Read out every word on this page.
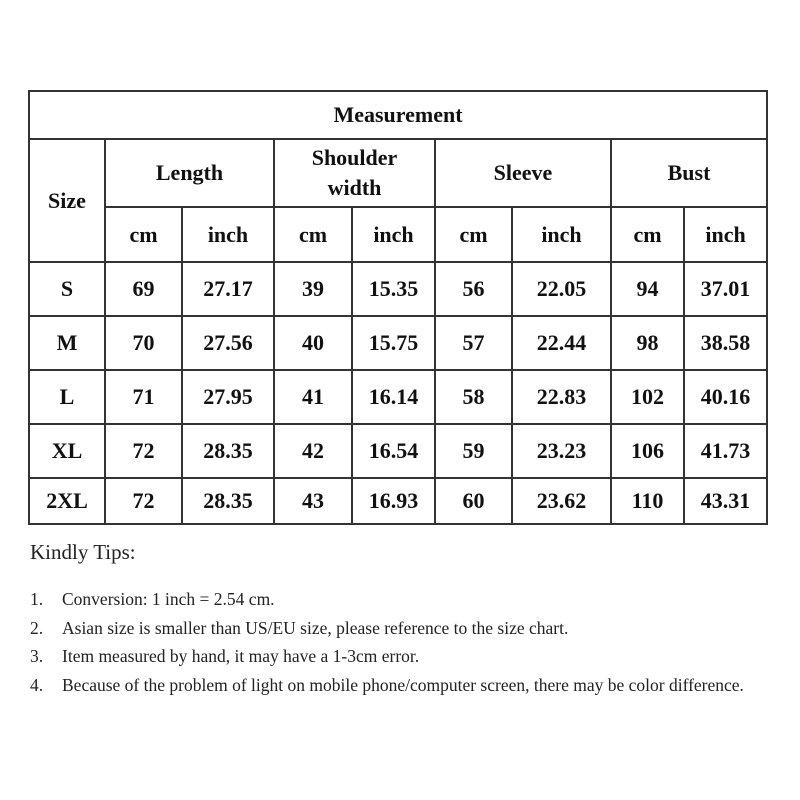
Measurement								
Size	Length		Shoulder width		Sleeve		Bust	
	cm	inch	cm	inch	cm	inch	cm	inch
S	69	27.17	39	15.35	56	22.05	94	37.01
M	70	27.56	40	15.75	57	22.44	98	38.58
L	71	27.95	41	16.14	58	22.83	102	40.16
XL	72	28.35	42	16.54	59	23.23	106	41.73
2XL	72	28.35	43	16.93	60	23.62	110	43.31
Kindly Tips:
1. Conversion: 1 inch = 2.54 cm.
2. Asian size is smaller than US/EU size, please reference to the size chart.
3. Item measured by hand, it may have a 1-3cm error.
4. Because of the problem of light on mobile phone/computer screen, there may be color difference.
